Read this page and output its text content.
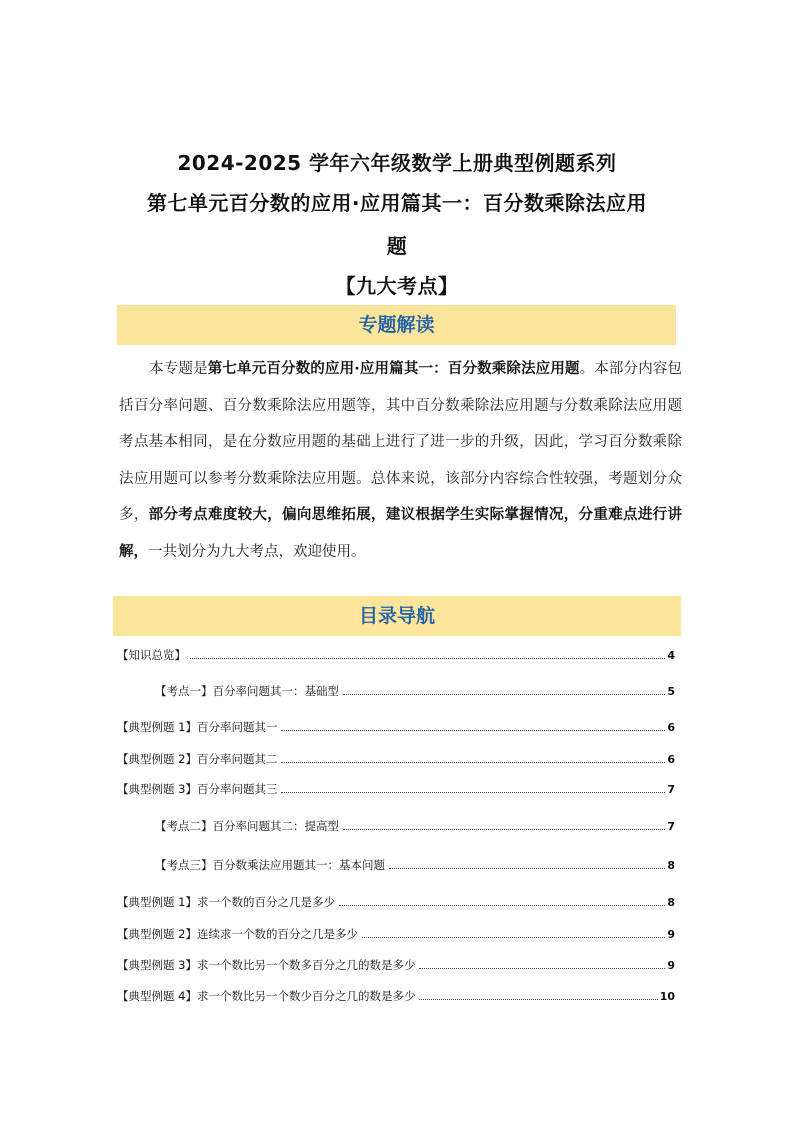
2024-2025 学年六年级数学上册典型例题系列
第七单元百分数的应用·应用篇其一：百分数乘除法应用
题
【九大考点】
专题解读
本专题是第七单元百分数的应用·应用篇其一：百分数乘除法应用题。本部分内容包括百分率问题、百分数乘除法应用题等，其中百分数乘除法应用题与分数乘除法应用题考点基本相同，是在分数应用题的基础上进行了进一步的升级，因此，学习百分数乘除法应用题可以参考分数乘除法应用题。总体来说，该部分内容综合性较强，考题划分众多，部分考点难度较大，偏向思维拓展，建议根据学生实际掌握情况，分重难点进行讲解，一共划分为九大考点，欢迎使用。
目录导航
【知识总览】	4
【考点一】百分率问题其一：基础型	5
【典型例题 1】百分率问题其一	6
【典型例题 2】百分率问题其二	6
【典型例题 3】百分率问题其三	7
【考点二】百分率问题其二：提高型	7
【考点三】百分数乘法应用题其一：基本问题	8
【典型例题 1】求一个数的百分之几是多少	8
【典型例题 2】连续求一个数的百分之几是多少	9
【典型例题 3】求一个数比另一个数多百分之几的数是多少	9
【典型例题 4】求一个数比另一个数少百分之几的数是多少	10
